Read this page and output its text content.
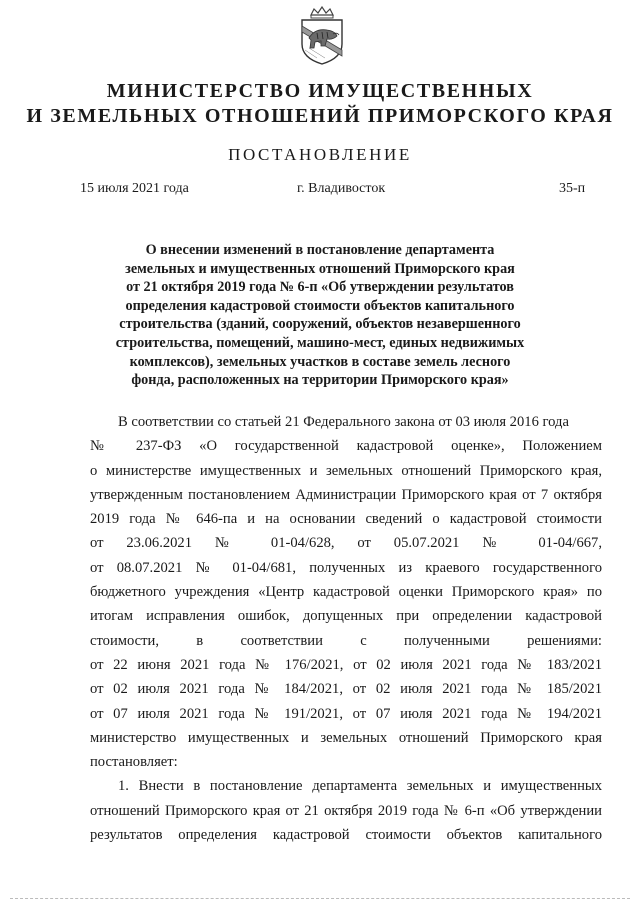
МИНИСТЕРСТВО ИМУЩЕСТВЕННЫХ
И ЗЕМЕЛЬНЫХ ОТНОШЕНИЙ ПРИМОРСКОГО КРАЯ
ПОСТАНОВЛЕНИЕ
15 июля 2021 года	г. Владивосток	35-п
О внесении изменений в постановление департамента
земельных и имущественных отношений Приморского края
от 21 октября 2019 года № 6-п «Об утверждении результатов
определения кадастровой стоимости объектов капитального
строительства (зданий, сооружений, объектов незавершенного
строительства, помещений, машино-мест, единых недвижимых
комплексов), земельных участков в составе земель лесного
фонда, расположенных на территории Приморского края»
В соответствии со статьей 21 Федерального закона от 03 июля 2016 года
№ 237-ФЗ «О государственной кадастровой оценке», Положением
о министерстве имущественных и земельных отношений Приморского края,
утвержденным постановлением Администрации Приморского края от 7 октября
2019 года № 646-па и на основании сведений о кадастровой стоимости
от 23.06.2021 № 01-04/628, от 05.07.2021 № 01-04/667,
от 08.07.2021 № 01-04/681, полученных из краевого государственного
бюджетного учреждения «Центр кадастровой оценки Приморского края» по
итогам исправления ошибок, допущенных при определении кадастровой
стоимости, в соответствии с полученными решениями:
от 22 июня 2021 года № 176/2021, от 02 июля 2021 года № 183/2021
от 02 июля 2021 года № 184/2021, от 02 июля 2021 года № 185/2021
от 07 июля 2021 года № 191/2021, от 07 июля 2021 года № 194/2021
министерство имущественных и земельных отношений Приморского края
постановляет:
1. Внести в постановление департамента земельных и имущественных
отношений Приморского края от 21 октября 2019 года № 6-п «Об утверждении
результатов определения кадастровой стоимости объектов капитального
